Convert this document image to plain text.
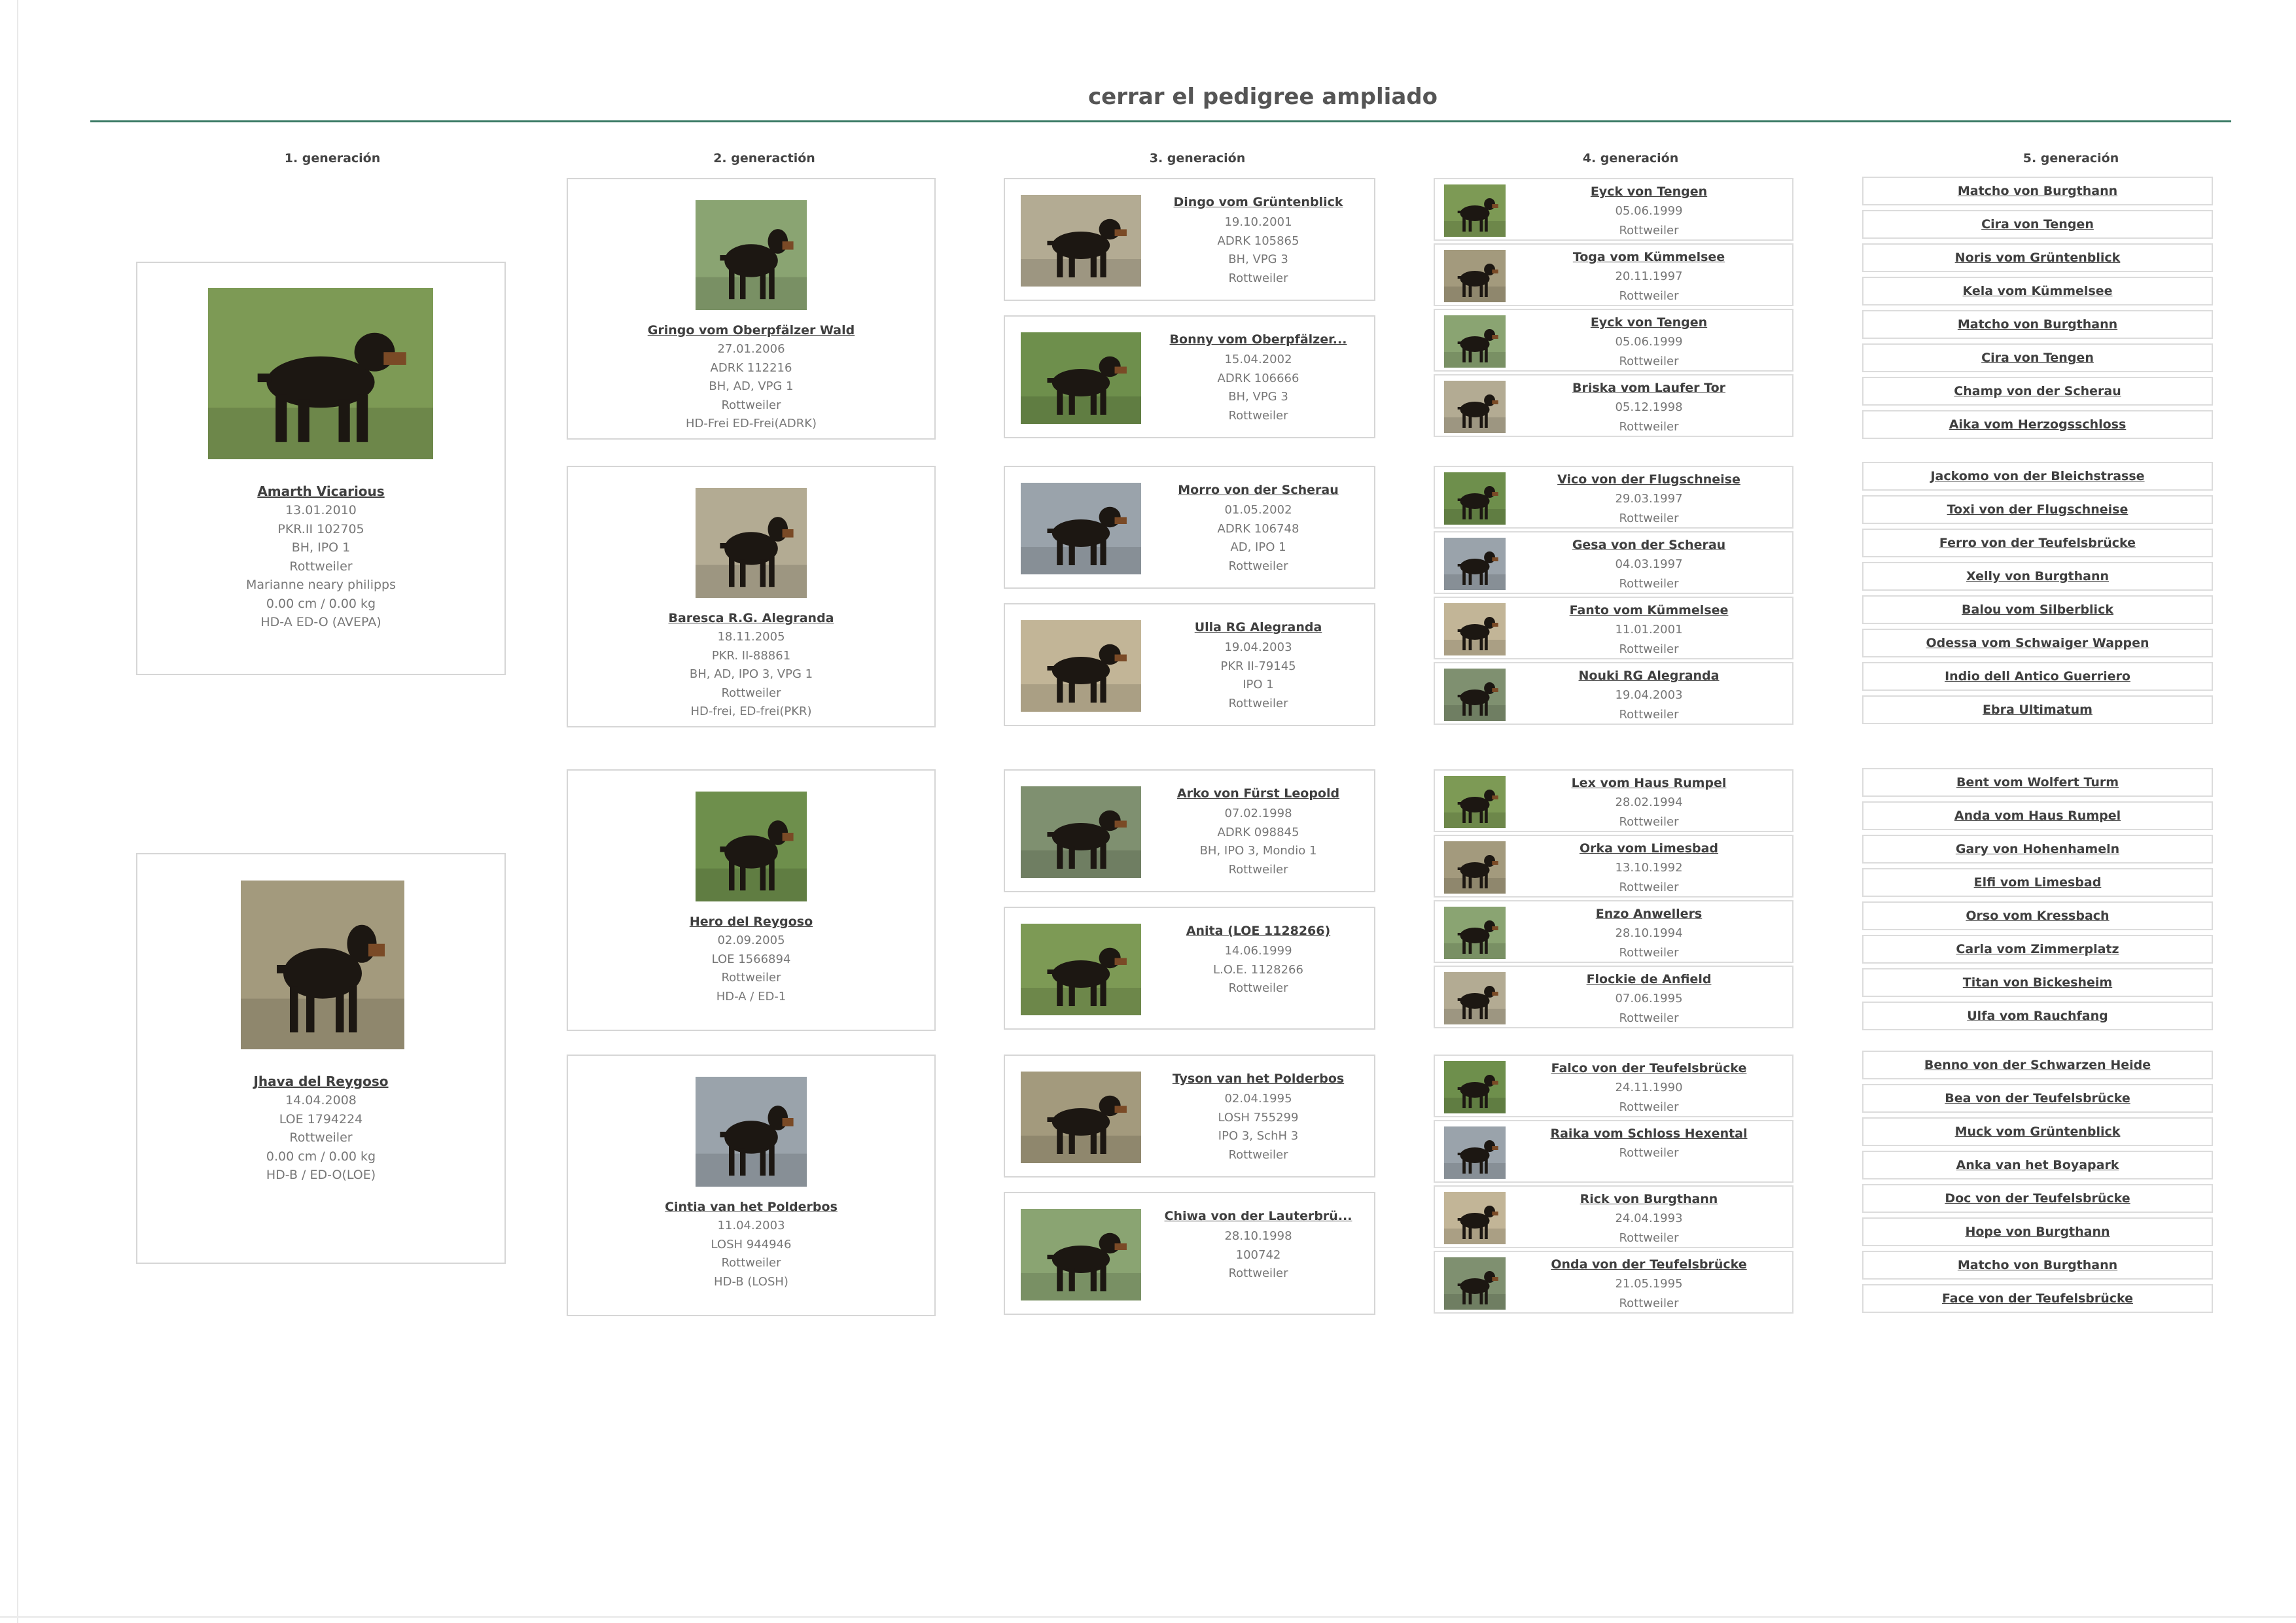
cerrar el pedigree ampliado
1. generación	2. generactión	3. generación	4. generación	5. generación
Amarth Vicarious
13.01.2010
PKR.II 102705
BH, IPO 1
Rottweiler
Marianne neary philipps
0.00 cm / 0.00 kg
HD-A ED-O (AVEPA)
Jhava del Reygoso
14.04.2008
LOE 1794224
Rottweiler
0.00 cm / 0.00 kg
HD-B / ED-O(LOE)
Gringo vom Oberpfälzer Wald
27.01.2006
ADRK 112216
BH, AD, VPG 1
Rottweiler
HD-Frei ED-Frei(ADRK)
Baresca R.G. Alegranda
18.11.2005
PKR. II-88861
BH, AD, IPO 3, VPG 1
Rottweiler
HD-frei, ED-frei(PKR)
Hero del Reygoso
02.09.2005
LOE 1566894
Rottweiler
HD-A / ED-1
Cintia van het Polderbos
11.04.2003
LOSH 944946
Rottweiler
HD-B (LOSH)
Dingo vom Grüntenblick
19.10.2001
ADRK 105865
BH, VPG 3
Rottweiler
Bonny vom Oberpfälzer...
15.04.2002
ADRK 106666
BH, VPG 3
Rottweiler
Morro von der Scherau
01.05.2002
ADRK 106748
AD, IPO 1
Rottweiler
Ulla RG Alegranda
19.04.2003
PKR II-79145
IPO 1
Rottweiler
Arko von Fürst Leopold
07.02.1998
ADRK 098845
BH, IPO 3, Mondio 1
Rottweiler
Anita (LOE 1128266)
14.06.1999
L.O.E. 1128266
Rottweiler
Tyson van het Polderbos
02.04.1995
LOSH 755299
IPO 3, SchH 3
Rottweiler
Chiwa von der Lauterbrü...
28.10.1998
100742
Rottweiler
Eyck von Tengen
05.06.1999
Rottweiler
Toga vom Kümmelsee
20.11.1997
Rottweiler
Eyck von Tengen
05.06.1999
Rottweiler
Briska vom Laufer Tor
05.12.1998
Rottweiler
Vico von der Flugschneise
29.03.1997
Rottweiler
Gesa von der Scherau
04.03.1997
Rottweiler
Fanto vom Kümmelsee
11.01.2001
Rottweiler
Nouki RG Alegranda
19.04.2003
Rottweiler
Lex vom Haus Rumpel
28.02.1994
Rottweiler
Orka vom Limesbad
13.10.1992
Rottweiler
Enzo Anwellers
28.10.1994
Rottweiler
Flockie de Anfield
07.06.1995
Rottweiler
Falco von der Teufelsbrücke
24.11.1990
Rottweiler
Raika vom Schloss Hexental
Rottweiler
Rick von Burgthann
24.04.1993
Rottweiler
Onda von der Teufelsbrücke
21.05.1995
Rottweiler
Matcho von Burgthann
Cira von Tengen
Noris vom Grüntenblick
Kela vom Kümmelsee
Matcho von Burgthann
Cira von Tengen
Champ von der Scherau
Aika vom Herzogsschloss
Jackomo von der Bleichstrasse
Toxi von der Flugschneise
Ferro von der Teufelsbrücke
Xelly von Burgthann
Balou vom Silberblick
Odessa vom Schwaiger Wappen
Indio dell Antico Guerriero
Ebra Ultimatum
Bent vom Wolfert Turm
Anda vom Haus Rumpel
Gary von Hohenhameln
Elfi vom Limesbad
Orso vom Kressbach
Carla vom Zimmerplatz
Titan von Bickesheim
Ulfa vom Rauchfang
Benno von der Schwarzen Heide
Bea von der Teufelsbrücke
Muck vom Grüntenblick
Anka van het Boyapark
Doc von der Teufelsbrücke
Hope von Burgthann
Matcho von Burgthann
Face von der Teufelsbrücke
